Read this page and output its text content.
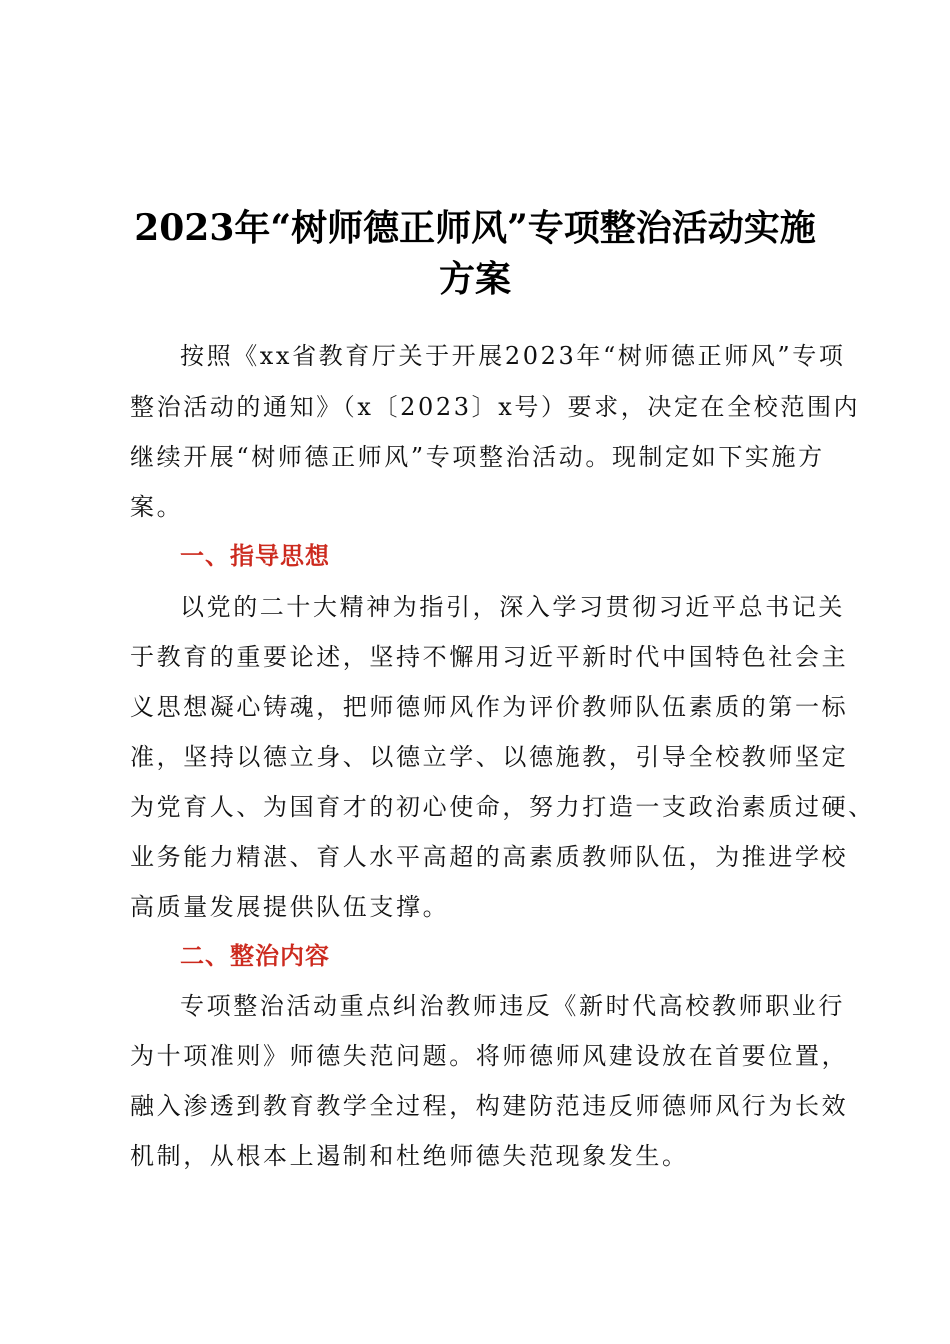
2023年“树师德正师风”专项整治活动实施
方案
按照《xx省教育厅关于开展2023年“树师德正师风”专项
整治活动的通知》（x〔2023〕x号）要求，决定在全校范围内
继续开展“树师德正师风”专项整治活动。现制定如下实施方
案。
一、指导思想
以党的二十大精神为指引，深入学习贯彻习近平总书记关
于教育的重要论述，坚持不懈用习近平新时代中国特色社会主
义思想凝心铸魂，把师德师风作为评价教师队伍素质的第一标
准，坚持以德立身、以德立学、以德施教，引导全校教师坚定
为党育人、为国育才的初心使命，努力打造一支政治素质过硬、
业务能力精湛、育人水平高超的高素质教师队伍，为推进学校
高质量发展提供队伍支撑。
二、整治内容
专项整治活动重点纠治教师违反《新时代高校教师职业行
为十项准则》师德失范问题。将师德师风建设放在首要位置，
融入渗透到教育教学全过程，构建防范违反师德师风行为长效
机制，从根本上遏制和杜绝师德失范现象发生。
